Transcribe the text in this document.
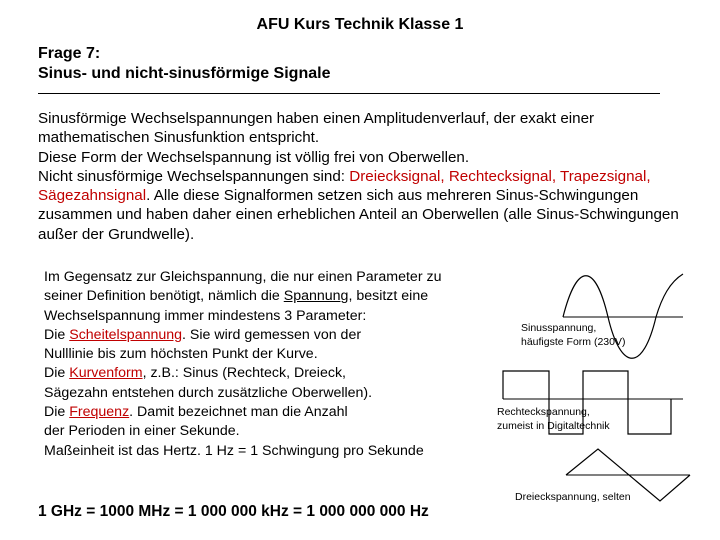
AFU Kurs Technik Klasse 1
Frage 7:
Sinus- und nicht-sinusförmige Signale
Sinusförmige Wechselspannungen haben einen Amplitudenverlauf, der exakt einer mathematischen Sinusfunktion entspricht.
Diese Form der Wechselspannung ist völlig frei von Oberwellen.
Nicht sinusförmige Wechselspannungen sind: Dreiecksignal, Rechtecksignal, Trapezsignal, Sägezahnsignal. Alle diese Signalformen setzen sich aus mehreren Sinus-Schwingungen zusammen und haben daher einen erheblichen Anteil an Oberwellen (alle Sinus-Schwingungen außer der Grundwelle).
Im Gegensatz zur Gleichspannung, die nur einen Parameter zu
seiner Definition benötigt, nämlich die Spannung, besitzt eine
Wechselspannung immer mindestens 3 Parameter:
Die Scheitelspannung. Sie wird gemessen von der
Nulllinie bis zum höchsten Punkt der Kurve.
Die Kurvenform, z.B.: Sinus (Rechteck, Dreieck,
Sägezahn entstehen durch zusätzliche Oberwellen).
Die Frequenz. Damit bezeichnet man die Anzahl
der Perioden in einer Sekunde.
Maßeinheit ist das Hertz. 1 Hz = 1 Schwingung pro Sekunde
1 GHz = 1000 MHz = 1 000 000 kHz = 1 000 000 000 Hz
Sinusspannung,
häufigste Form (230V)
Rechteckspannung,
zumeist in Digitaltechnik
Dreieckspannung, selten
